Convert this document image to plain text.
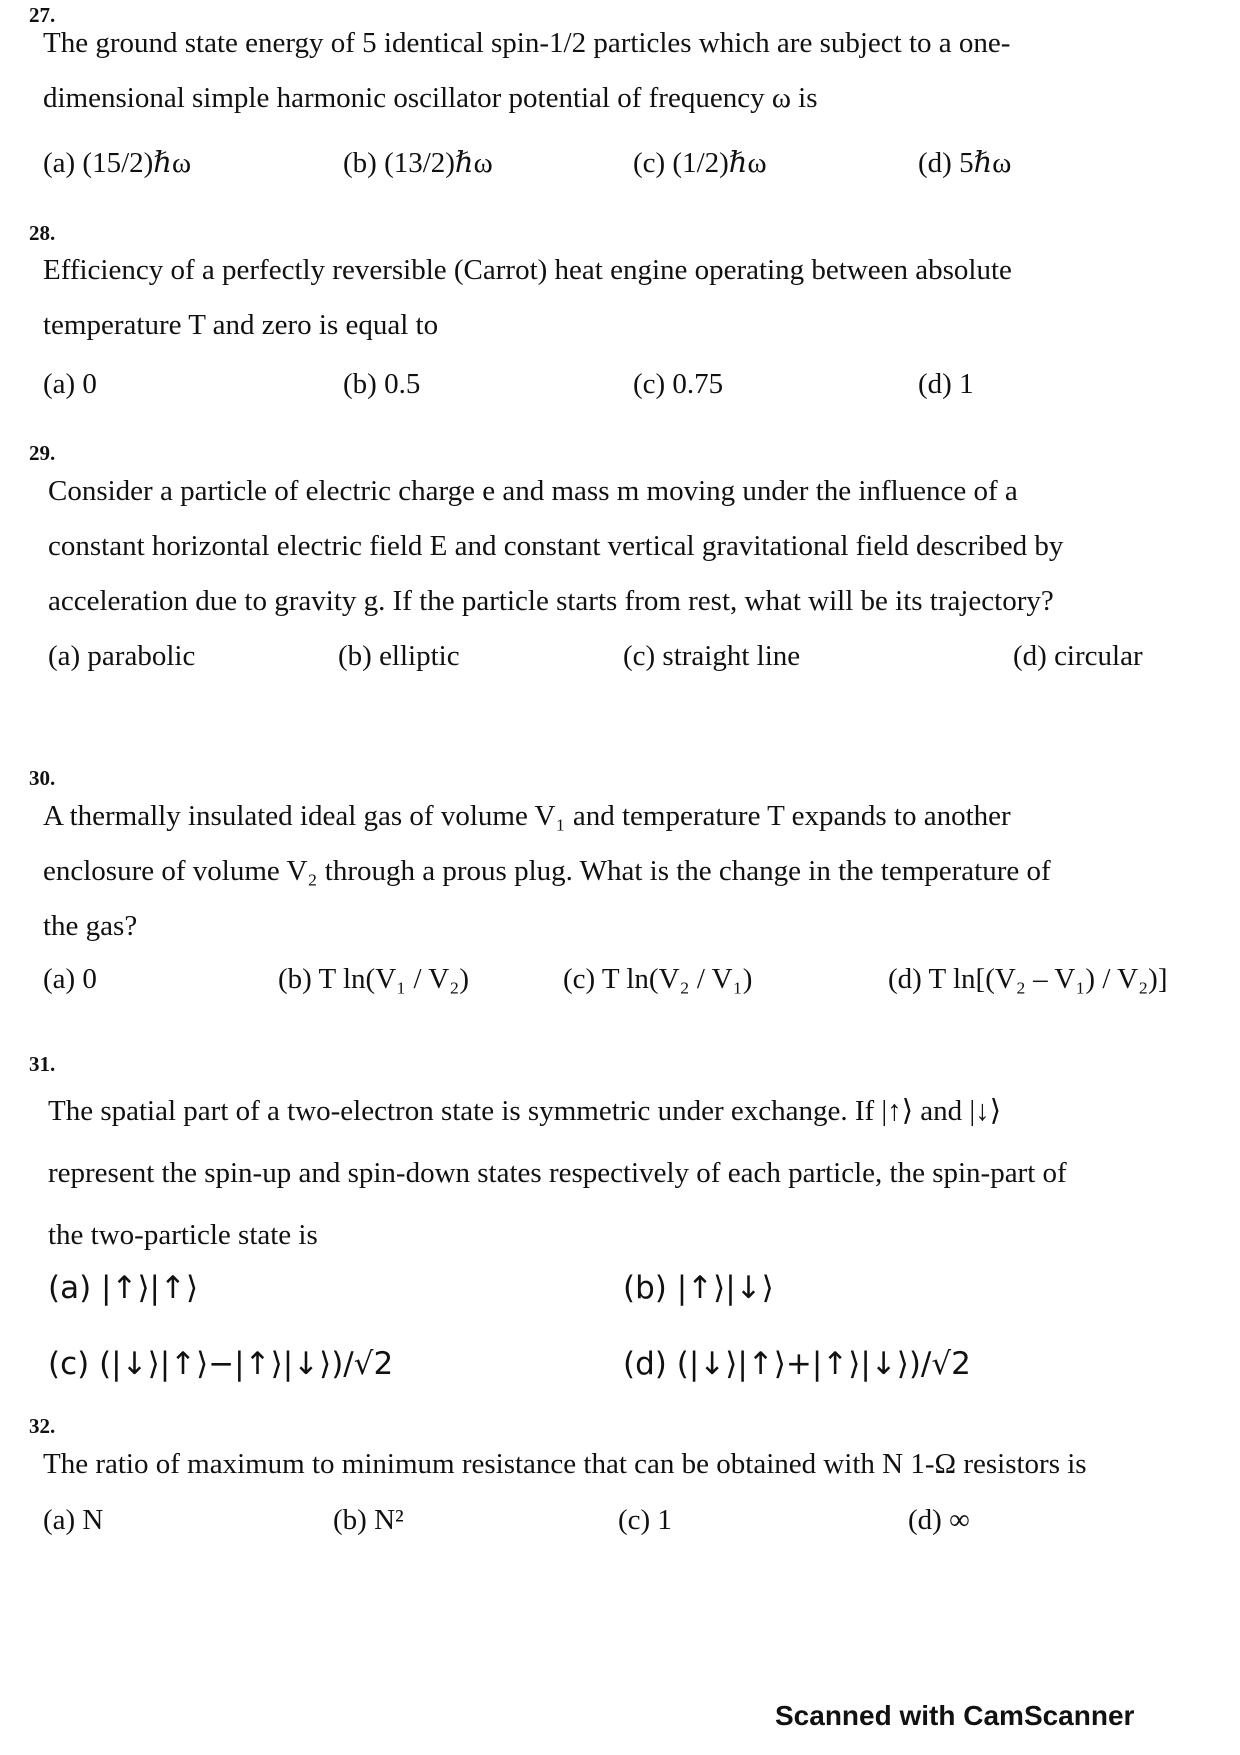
27.
The ground state energy of 5 identical spin-1/2 particles which are subject to a one-
dimensional simple harmonic oscillator potential of frequency ω is
(a) (15/2)ℏω	(b) (13/2)ℏω	(c) (1/2)ℏω	(d) 5ℏω
28.
Efficiency of a perfectly reversible (Carrot) heat engine operating between absolute
temperature T and zero is equal to
(a) 0	(b) 0.5	(c) 0.75	(d) 1
29.
Consider a particle of electric charge e and mass m moving under the influence of a
constant horizontal electric field E and constant vertical gravitational field described by
acceleration due to gravity g. If the particle starts from rest, what will be its trajectory?
(a) parabolic	(b) elliptic	(c) straight line	(d) circular
30.
A thermally insulated ideal gas of volume V₁ and temperature T expands to another
enclosure of volume V₂ through a prous plug. What is the change in the temperature of
the gas?
(a) 0	(b) T ln(V₁ / V₂)	(c) T ln(V₂ / V₁)	(d) T ln[(V₂ – V₁) / V₂)]
31.
The spatial part of a two-electron state is symmetric under exchange. If |↑⟩ and |↓⟩
represent the spin-up and spin-down states respectively of each particle, the spin-part of
the two-particle state is
(a) |↑⟩|↑⟩	(b) |↑⟩|↓⟩
(c) (|↓⟩|↑⟩−|↑⟩|↓⟩)/√2	(d) (|↓⟩|↑⟩+|↑⟩|↓⟩)/√2
32.
The ratio of maximum to minimum resistance that can be obtained with N 1-Ω resistors is
(a) N	(b) N²	(c) 1	(d) ∞
Scanned with CamScanner
